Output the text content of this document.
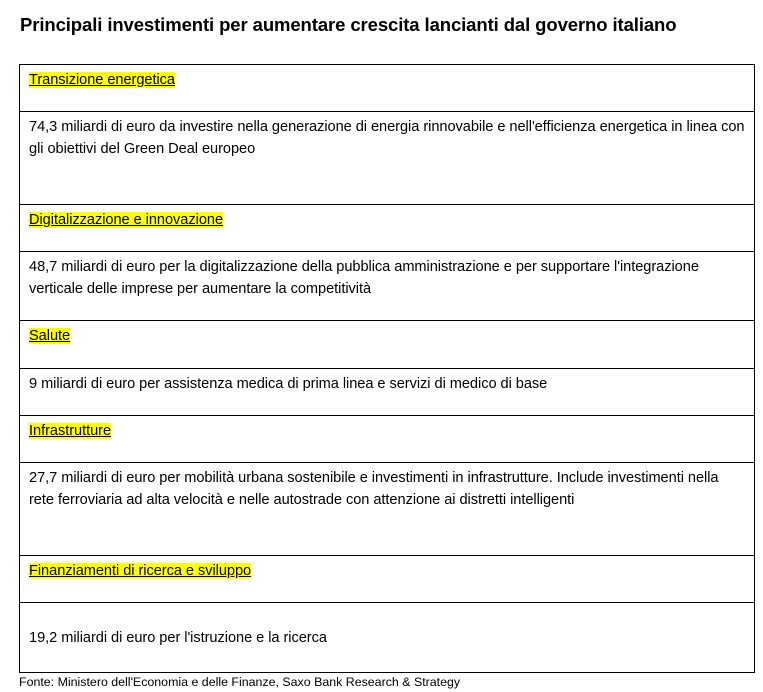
Principali investimenti per aumentare crescita lancianti dal governo italiano
Transizione energetica
74,3 miliardi di euro da investire nella generazione di energia rinnovabile e nell'efficienza energetica in linea con gli obiettivi del Green Deal europeo
Digitalizzazione e innovazione
48,7 miliardi di euro per la digitalizzazione della pubblica amministrazione e per supportare l'integrazione verticale delle imprese per aumentare la competitività
Salute
9 miliardi di euro per assistenza medica di prima linea e servizi di medico di base
Infrastrutture
27,7 miliardi di euro per mobilità urbana sostenibile e investimenti in infrastrutture. Include investimenti nella rete ferroviaria ad alta velocità e nelle autostrade con attenzione ai distretti intelligenti
Finanziamenti di ricerca e sviluppo
19,2 miliardi di euro per l'istruzione e la ricerca
Fonte: Ministero dell'Economia e delle Finanze, Saxo Bank Research & Strategy
